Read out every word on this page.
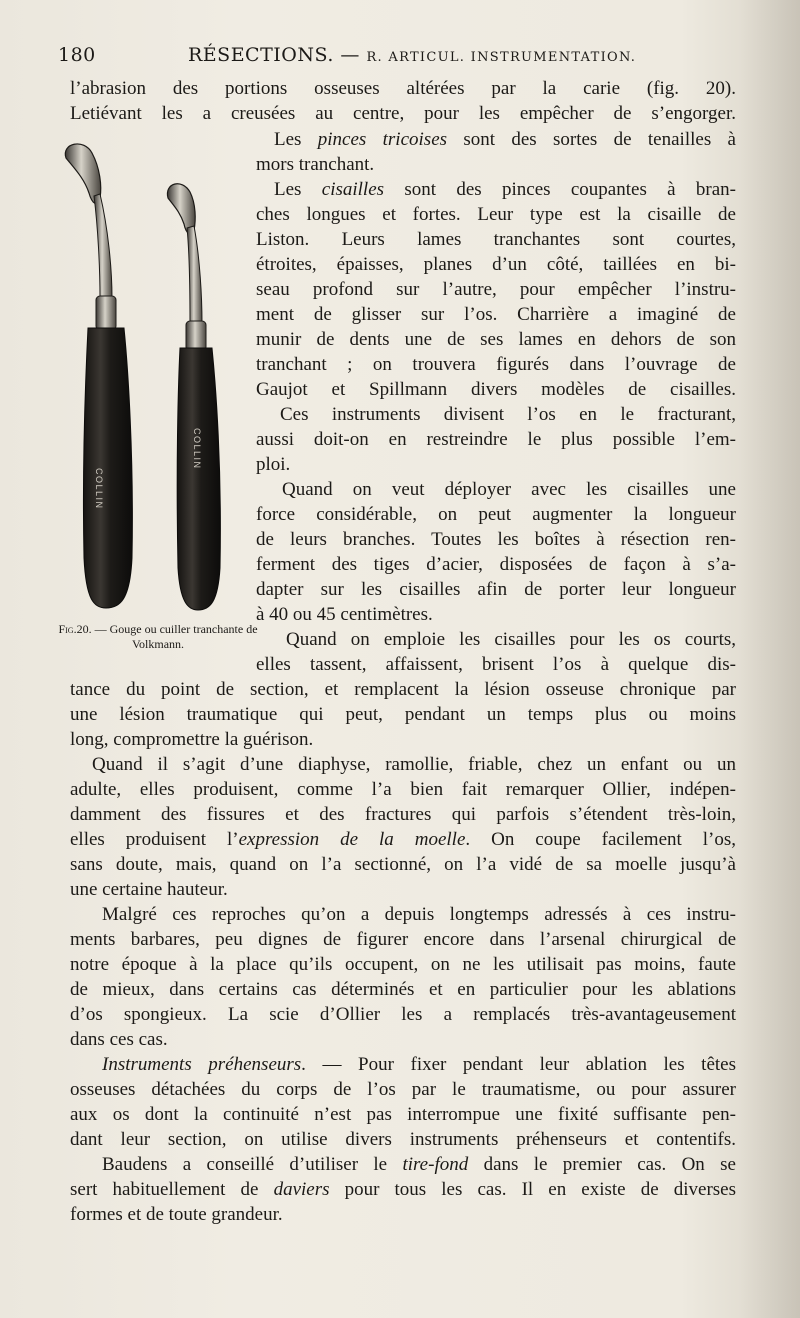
180	RÉSECTIONS. — R. ARTICUL. INSTRUMENTATION.
COLLIN
COLLIN
Fig.20. — Gouge ou cuiller tranchante de Volkmann.
l’abrasion des portions osseuses altérées par la carie (fig. 20).
Letiévant les a creusées au centre, pour les empêcher de s’engorger.
Les pinces tricoises sont des sortes de tenailles à
mors tranchant.
Les cisailles sont des pinces coupantes à bran-
ches longues et fortes. Leur type est la cisaille de
Liston. Leurs lames tranchantes sont courtes,
étroites, épaisses, planes d’un côté, taillées en bi-
seau profond sur l’autre, pour empêcher l’instru-
ment de glisser sur l’os. Charrière a imaginé de
munir de dents une de ses lames en dehors de son
tranchant ; on trouvera figurés dans l’ouvrage de
Gaujot et Spillmann divers modèles de cisailles.
Ces instruments divisent l’os en le fracturant,
aussi doit-on en restreindre le plus possible l’em-
ploi.
Quand on veut déployer avec les cisailles une
force considérable, on peut augmenter la longueur
de leurs branches. Toutes les boîtes à résection ren-
ferment des tiges d’acier, disposées de façon à s’a-
dapter sur les cisailles afin de porter leur longueur
à 40 ou 45 centimètres.
Quand on emploie les cisailles pour les os courts,
elles tassent, affaissent, brisent l’os à quelque dis-
tance du point de section, et remplacent la lésion osseuse chronique par
une lésion traumatique qui peut, pendant un temps plus ou moins
long, compromettre la guérison.
Quand il s’agit d’une diaphyse, ramollie, friable, chez un enfant ou un
adulte, elles produisent, comme l’a bien fait remarquer Ollier, indépen-
damment des fissures et des fractures qui parfois s’étendent très-loin,
elles produisent l’expression de la moelle. On coupe facilement l’os,
sans doute, mais, quand on l’a sectionné, on l’a vidé de sa moelle jusqu’à
une certaine hauteur.
Malgré ces reproches qu’on a depuis longtemps adressés à ces instru-
ments barbares, peu dignes de figurer encore dans l’arsenal chirurgical de
notre époque à la place qu’ils occupent, on ne les utilisait pas moins, faute
de mieux, dans certains cas déterminés et en particulier pour les ablations
d’os spongieux. La scie d’Ollier les a remplacés très-avantageusement
dans ces cas.
Instruments préhenseurs. — Pour fixer pendant leur ablation les têtes
osseuses détachées du corps de l’os par le traumatisme, ou pour assurer
aux os dont la continuité n’est pas interrompue une fixité suffisante pen-
dant leur section, on utilise divers instruments préhenseurs et contentifs.
Baudens a conseillé d’utiliser le tire-fond dans le premier cas. On se
sert habituellement de daviers pour tous les cas. Il en existe de diverses
formes et de toute grandeur.
